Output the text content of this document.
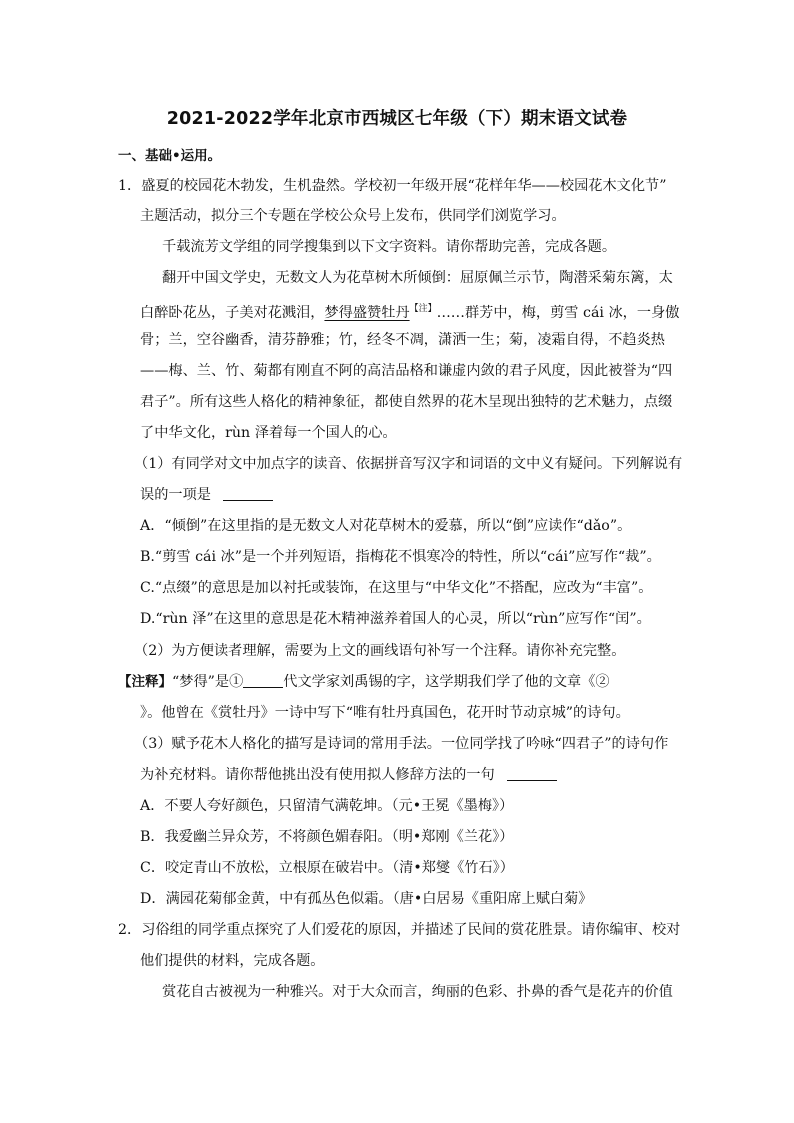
2021-2022学年北京市西城区七年级（下）期末语文试卷
一、基础•运用。
1．盛夏的校园花木勃发，生机盎然。学校初一年级开展“花样年华——校园花木文化节”
主题活动，拟分三个专题在学校公众号上发布，供同学们浏览学习。
千载流芳文学组的同学搜集到以下文字资料。请你帮助完善，完成各题。
翻开中国文学史，无数文人为花草树木所倾倒：屈原佩兰示节，陶潜采菊东篱，太
白醉卧花丛，子美对花溅泪，梦得盛赞牡丹$^{【注】}$……群芳中，梅，剪雪 cái 冰，一身傲
骨；兰，空谷幽香，清芬静雅；竹，经冬不凋，潇洒一生；菊，凌霜自得，不趋炎热
——梅、兰、竹、菊都有刚直不阿的高洁品格和谦虚内敛的君子风度，因此被誉为“四
君子”。所有这些人格化的精神象征，都使自然界的花木呈现出独特的艺术魅力，点缀
了中华文化，rùn 泽着每一个国人的心。
（1）有同学对文中加点字的读音、依据拼音写汉字和词语的文中义有疑问。下列解说有
误的一项是
A．“倾倒”在这里指的是无数文人对花草树木的爱慕，所以“倒”应读作“dǎo”。
B.“剪雪 cái 冰”是一个并列短语，指梅花不惧寒冷的特性，所以“cái”应写作“裁”。
C.“点缀”的意思是加以衬托或装饰，在这里与“中华文化”不搭配，应改为“丰富”。
D.“rùn 泽”在这里的意思是花木精神滋养着国人的心灵，所以“rùn”应写作“闰”。
（2）为方便读者理解，需要为上文的画线语句补写一个注释。请你补充完整。
【注释】“梦得”是①	代文学家刘禹锡的字，这学期我们学了他的文章《②
》。他曾在《赏牡丹》一诗中写下“唯有牡丹真国色，花开时节动京城”的诗句。
（3）赋予花木人格化的描写是诗词的常用手法。一位同学找了吟咏“四君子”的诗句作
为补充材料。请你帮他挑出没有使用拟人修辞方法的一句
A．不要人夸好颜色，只留清气满乾坤。（元•王冕《墨梅》）
B．我爱幽兰异众芳，不将颜色媚春阳。（明•郑刚《兰花》）
C．咬定青山不放松，立根原在破岩中。（清•郑燮《竹石》）
D．满园花菊郁金黄，中有孤丛色似霜。（唐•白居易《重阳席上赋白菊》
2．习俗组的同学重点探究了人们爱花的原因，并描述了民间的赏花胜景。请你编审、校对
他们提供的材料，完成各题。
赏花自古被视为一种雅兴。对于大众而言，绚丽的色彩、扑鼻的香气是花卉的价值
